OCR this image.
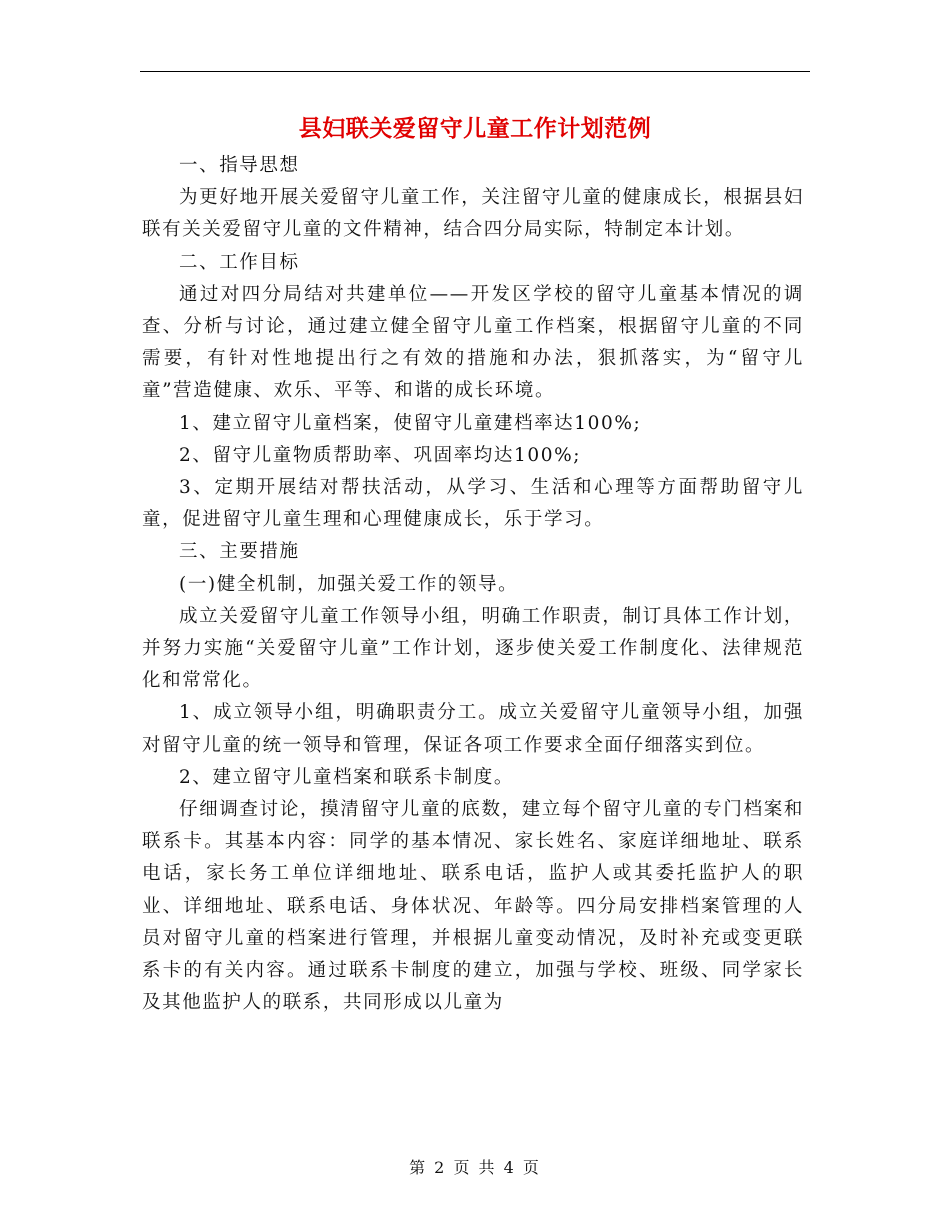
县妇联关爱留守儿童工作计划范例

一、指导思想

为更好地开展关爱留守儿童工作，关注留守儿童的健康成长，根据县妇联有关关爱留守儿童的文件精神，结合四分局实际，特制定本计划。

二、工作目标

通过对四分局结对共建单位——开发区学校的留守儿童基本情况的调查、分析与讨论，通过建立健全留守儿童工作档案，根据留守儿童的不同需要，有针对性地提出行之有效的措施和办法，狠抓落实，为“留守儿童”营造健康、欢乐、平等、和谐的成长环境。

1、建立留守儿童档案，使留守儿童建档率达100%;

2、留守儿童物质帮助率、巩固率均达100%;

3、定期开展结对帮扶活动，从学习、生活和心理等方面帮助留守儿童，促进留守儿童生理和心理健康成长，乐于学习。

三、主要措施

(一)健全机制，加强关爱工作的领导。

成立关爱留守儿童工作领导小组，明确工作职责，制订具体工作计划，并努力实施“关爱留守儿童”工作计划，逐步使关爱工作制度化、法律规范化和常常化。

1、成立领导小组，明确职责分工。成立关爱留守儿童领导小组，加强对留守儿童的统一领导和管理，保证各项工作要求全面仔细落实到位。

2、建立留守儿童档案和联系卡制度。

仔细调查讨论，摸清留守儿童的底数，建立每个留守儿童的专门档案和联系卡。其基本内容：同学的基本情况、家长姓名、家庭详细地址、联系电话，家长务工单位详细地址、联系电话，监护人或其委托监护人的职业、详细地址、联系电话、身体状况、年龄等。四分局安排档案管理的人员对留守儿童的档案进行管理，并根据儿童变动情况，及时补充或变更联系卡的有关内容。通过联系卡制度的建立，加强与学校、班级、同学家长及其他监护人的联系，共同形成以儿童为

第 2 页 共 4 页
